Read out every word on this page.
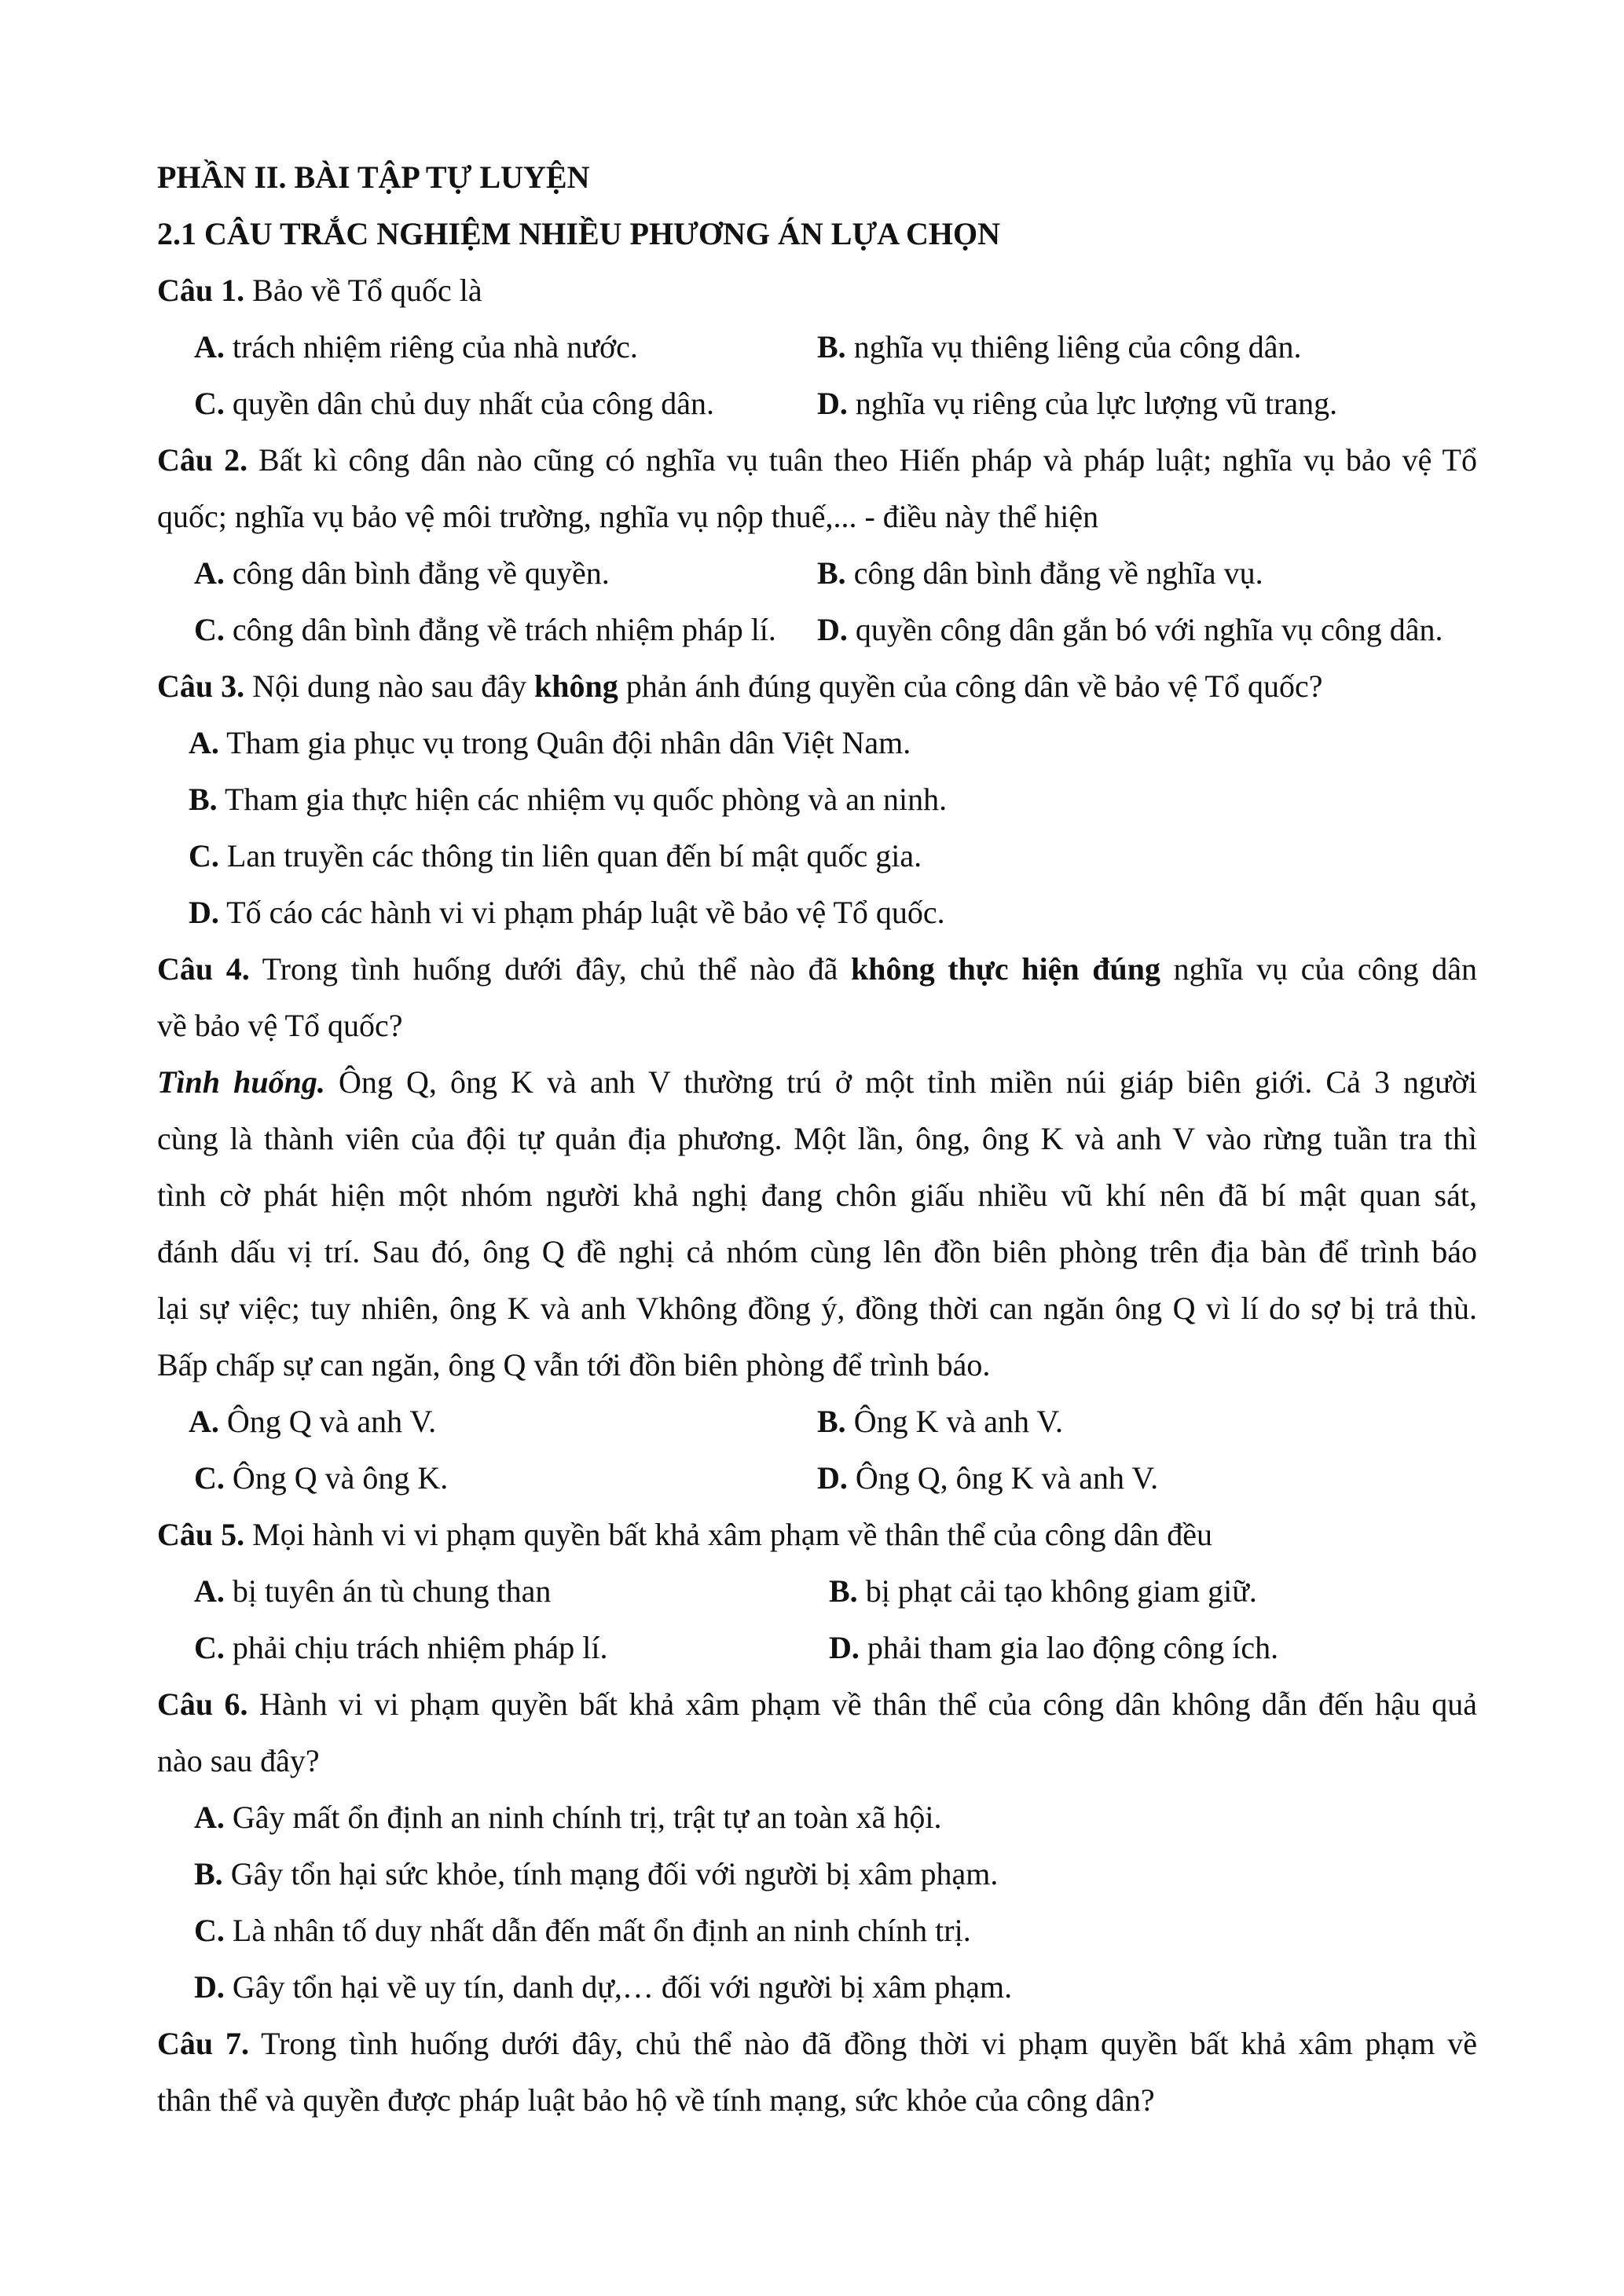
PHẦN II. BÀI TẬP TỰ LUYỆN
2.1 CÂU TRẮC NGHIỆM NHIỀU PHƯƠNG ÁN LỰA CHỌN
Câu 1. Bảo về Tổ quốc là
A. trách nhiệm riêng của nhà nước.	B. nghĩa vụ thiêng liêng của công dân.
C. quyền dân chủ duy nhất của công dân.	D. nghĩa vụ riêng của lực lượng vũ trang.
Câu 2. Bất kì công dân nào cũng có nghĩa vụ tuân theo Hiến pháp và pháp luật; nghĩa vụ bảo vệ Tổ
quốc; nghĩa vụ bảo vệ môi trường, nghĩa vụ nộp thuế,... - điều này thể hiện
A. công dân bình đẳng về quyền.	B. công dân bình đẳng về nghĩa vụ.
C. công dân bình đẳng về trách nhiệm pháp lí. D. quyền công dân gắn bó với nghĩa vụ công dân.
Câu 3. Nội dung nào sau đây không phản ánh đúng quyền của công dân về bảo vệ Tổ quốc?
A. Tham gia phục vụ trong Quân đội nhân dân Việt Nam.
B. Tham gia thực hiện các nhiệm vụ quốc phòng và an ninh.
C. Lan truyền các thông tin liên quan đến bí mật quốc gia.
D. Tố cáo các hành vi vi phạm pháp luật về bảo vệ Tổ quốc.
Câu 4. Trong tình huống dưới đây, chủ thể nào đã không thực hiện đúng nghĩa vụ của công dân
về bảo vệ Tổ quốc?
Tình huống. Ông Q, ông K và anh V thường trú ở một tỉnh miền núi giáp biên giới. Cả 3 người
cùng là thành viên của đội tự quản địa phương. Một lần, ông, ông K và anh V vào rừng tuần tra thì
tình cờ phát hiện một nhóm người khả nghị đang chôn giấu nhiều vũ khí nên đã bí mật quan sát,
đánh dấu vị trí. Sau đó, ông Q đề nghị cả nhóm cùng lên đồn biên phòng trên địa bàn để trình báo
lại sự việc; tuy nhiên, ông K và anh Vkhông đồng ý, đồng thời can ngăn ông Q vì lí do sợ bị trả thù.
Bấp chấp sự can ngăn, ông Q vẫn tới đồn biên phòng để trình báo.
A. Ông Q và anh V.	B. Ông K và anh V.
C. Ông Q và ông K.	D. Ông Q, ông K và anh V.
Câu 5. Mọi hành vi vi phạm quyền bất khả xâm phạm về thân thể của công dân đều
A. bị tuyên án tù chung than	B. bị phạt cải tạo không giam giữ.
C. phải chịu trách nhiệm pháp lí.	D. phải tham gia lao động công ích.
Câu 6. Hành vi vi phạm quyền bất khả xâm phạm về thân thể của công dân không dẫn đến hậu quả
nào sau đây?
A. Gây mất ổn định an ninh chính trị, trật tự an toàn xã hội.
B. Gây tổn hại sức khỏe, tính mạng đối với người bị xâm phạm.
C. Là nhân tố duy nhất dẫn đến mất ổn định an ninh chính trị.
D. Gây tổn hại về uy tín, danh dự,… đối với người bị xâm phạm.
Câu 7. Trong tình huống dưới đây, chủ thể nào đã đồng thời vi phạm quyền bất khả xâm phạm về
thân thể và quyền được pháp luật bảo hộ về tính mạng, sức khỏe của công dân?
